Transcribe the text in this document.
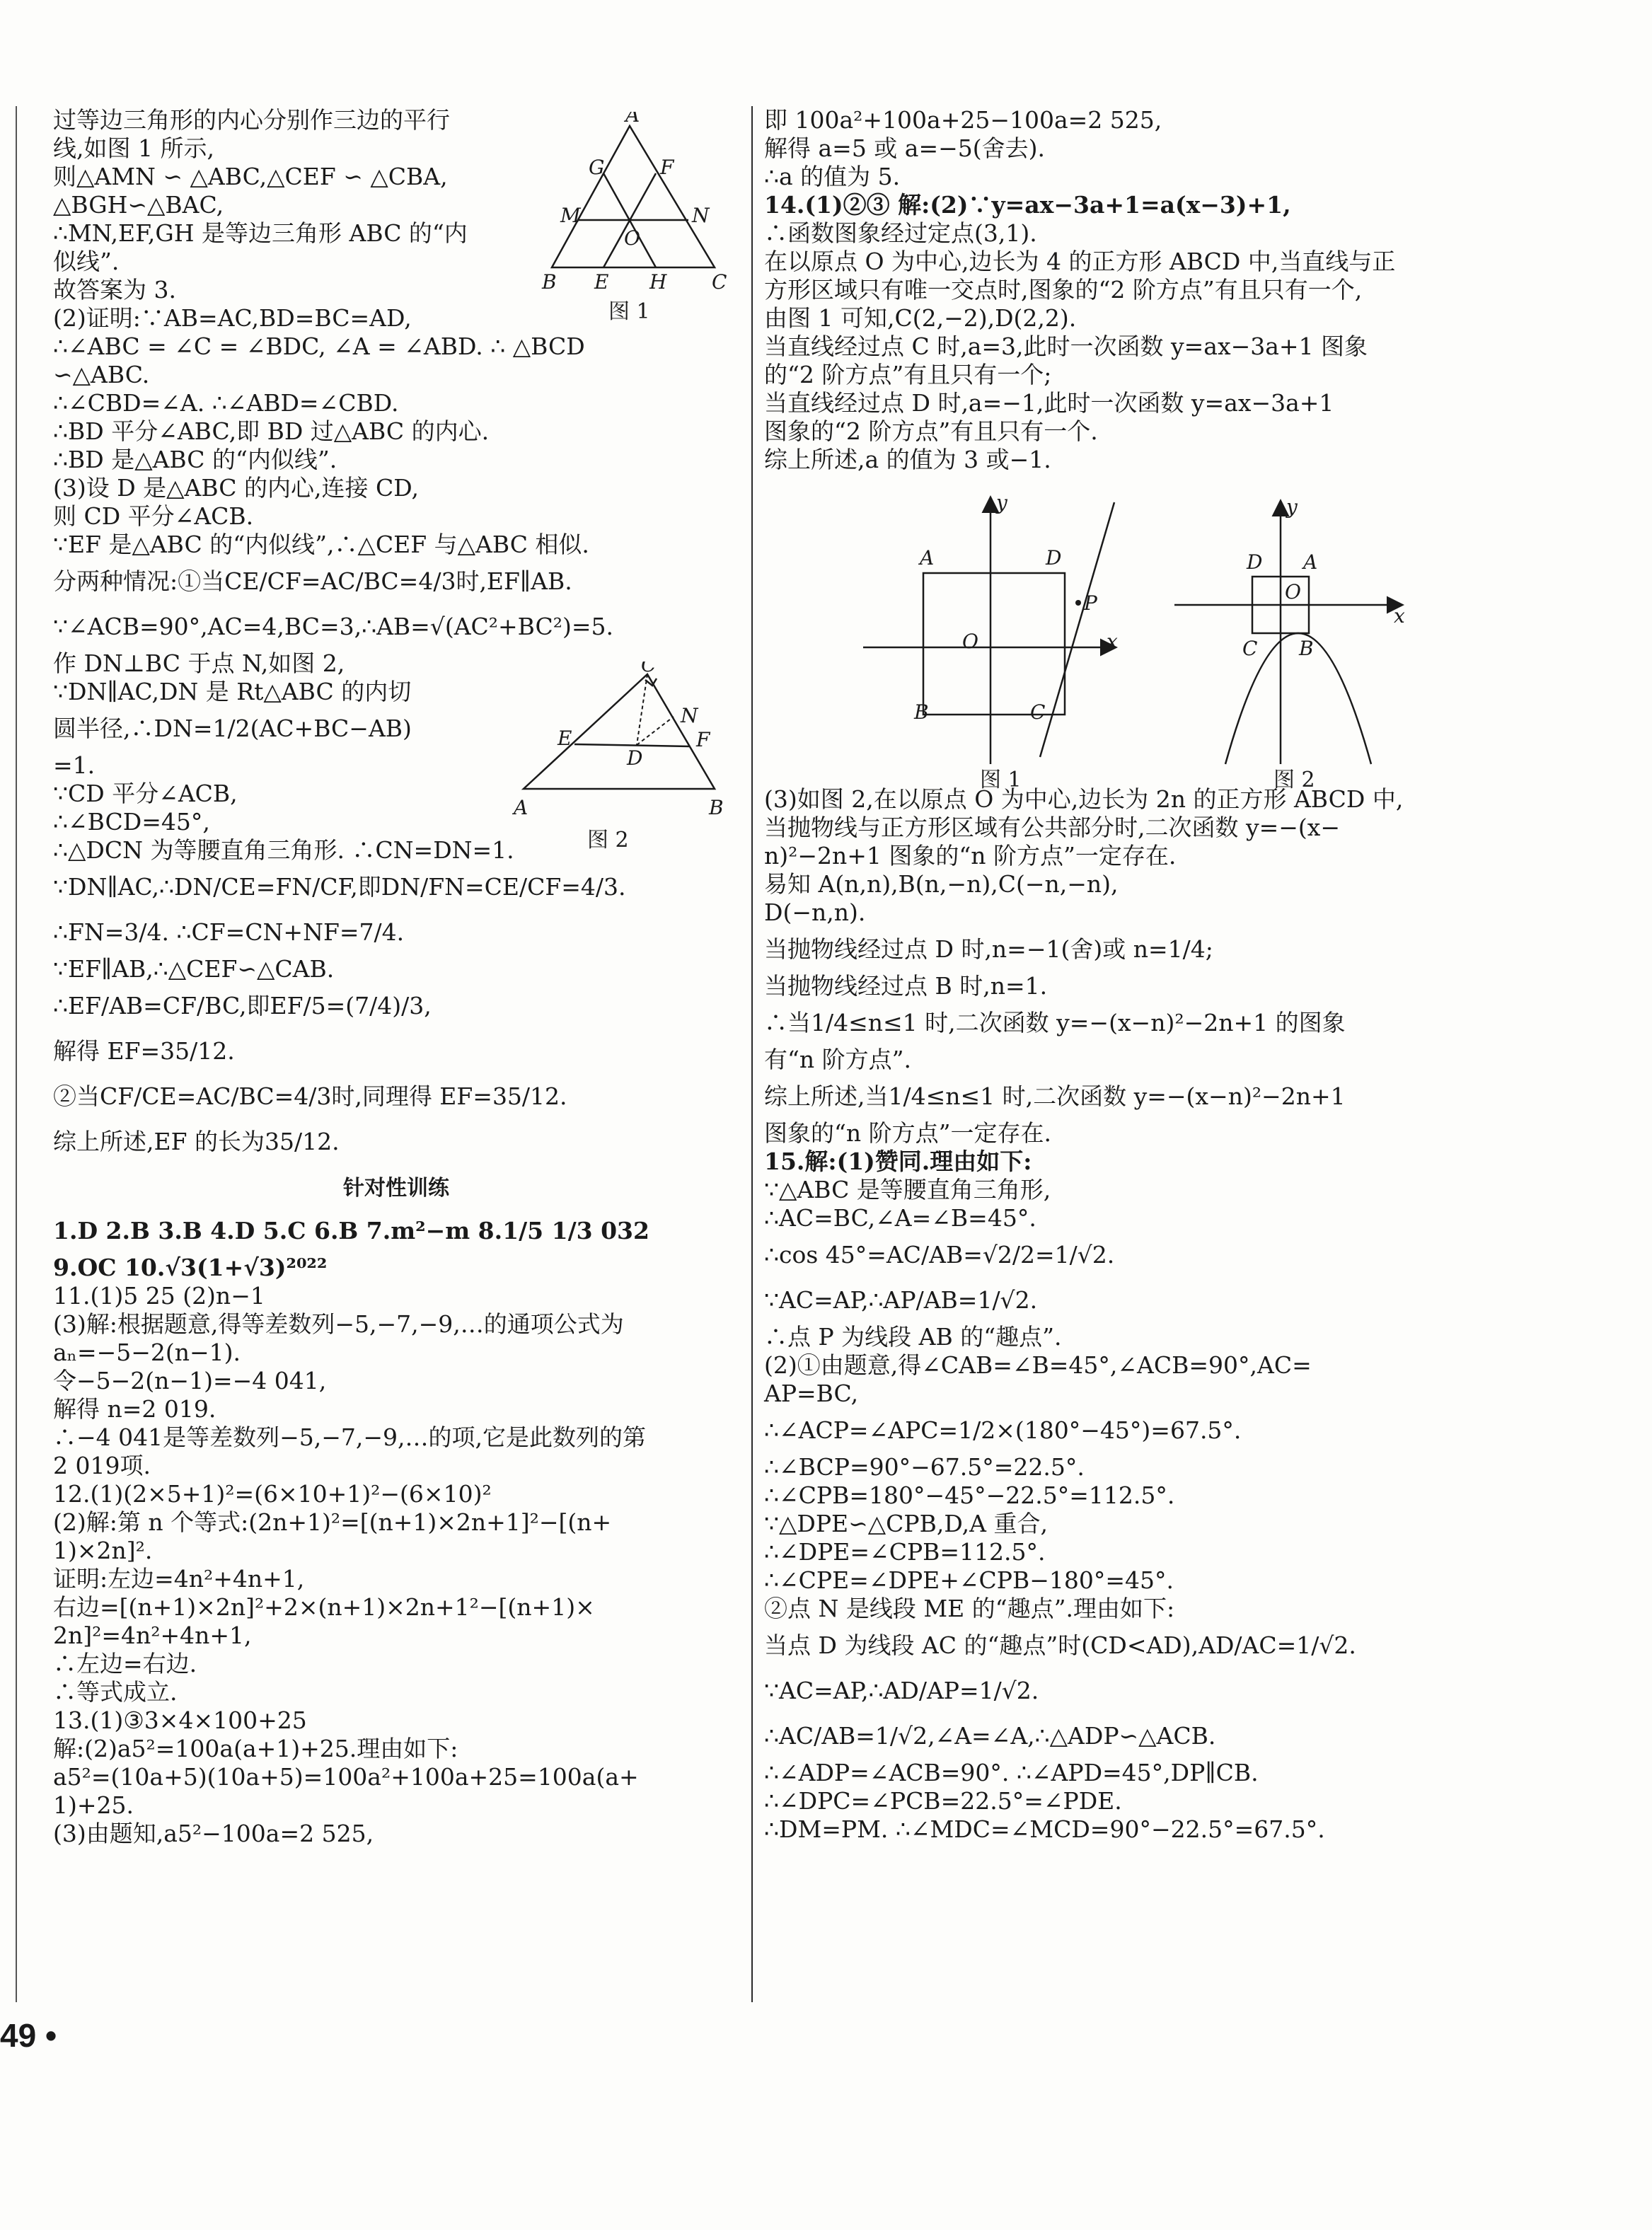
过等边三角形的内心分别作三边的平行
线,如图 1 所示,
则△AMN ∽ △ABC,△CEF ∽ △CBA,
△BGH∽△BAC,
∴MN,EF,GH 是等边三角形 ABC 的“内
似线”.
故答案为 3.
(2)证明:∵AB=AC,BD=BC=AD,
∴∠ABC = ∠C = ∠BDC, ∠A = ∠ABD. ∴ △BCD
∽△ABC.
∴∠CBD=∠A. ∴∠ABD=∠CBD.
∴BD 平分∠ABC,即 BD 过△ABC 的内心.
∴BD 是△ABC 的“内似线”.
(3)设 D 是△ABC 的内心,连接 CD,
则 CD 平分∠ACB.
∵EF 是△ABC 的“内似线”,∴△CEF 与△ABC 相似.
分两种情况:①当CE/CF=AC/BC=4/3时,EF∥AB.
∵∠ACB=90°,AC=4,BC=3,∴AB=√(AC²+BC²)=5.
作 DN⊥BC 于点 N,如图 2,
∵DN∥AC,DN 是 Rt△ABC 的内切
圆半径,∴DN=1/2(AC+BC−AB)
=1.
∵CD 平分∠ACB,
∴∠BCD=45°,
∴△DCN 为等腰直角三角形. ∴CN=DN=1.
∵DN∥AC,∴DN/CE=FN/CF,即DN/FN=CE/CF=4/3.
∴FN=3/4. ∴CF=CN+NF=7/4.
∵EF∥AB,∴△CEF∽△CAB.
∴EF/AB=CF/BC,即EF/5=(7/4)/3,
解得 EF=35/12.
②当CF/CE=AC/BC=4/3时,同理得 EF=35/12.
综上所述,EF 的长为35/12.
针对性训练
1.D 2.B 3.B 4.D 5.C 6.B 7.m²−m 8.1/5 1/3 032
9.OC 10.√3(1+√3)²⁰²²
11.(1)5 25 (2)n−1
(3)解:根据题意,得等差数列−5,−7,−9,…的通项公式为
aₙ=−5−2(n−1).
令−5−2(n−1)=−4 041,
解得 n=2 019.
∴−4 041是等差数列−5,−7,−9,…的项,它是此数列的第
2 019项.
12.(1)(2×5+1)²=(6×10+1)²−(6×10)²
(2)解:第 n 个等式:(2n+1)²=[(n+1)×2n+1]²−[(n+
1)×2n]².
证明:左边=4n²+4n+1,
右边=[(n+1)×2n]²+2×(n+1)×2n+1²−[(n+1)×
2n]²=4n²+4n+1,
∴左边=右边.
∴等式成立.
13.(1)③3×4×100+25
解:(2)a5²=100a(a+1)+25.理由如下:
a5²=(10a+5)(10a+5)=100a²+100a+25=100a(a+
1)+25.
(3)由题知,a5²−100a=2 525,
A
G	F
M	N
O
B E H C
图 1
C
E
N
F
D
A	B
图 2
即 100a²+100a+25−100a=2 525,
解得 a=5 或 a=−5(舍去).
∴a 的值为 5.
14.(1)②③ 解:(2)∵y=ax−3a+1=a(x−3)+1,
∴函数图象经过定点(3,1).
在以原点 O 为中心,边长为 4 的正方形 ABCD 中,当直线与正
方形区域只有唯一交点时,图象的“2 阶方点”有且只有一个,
由图 1 可知,C(2,−2),D(2,2).
当直线经过点 C 时,a=3,此时一次函数 y=ax−3a+1 图象
的“2 阶方点”有且只有一个;
当直线经过点 D 时,a=−1,此时一次函数 y=ax−3a+1
图象的“2 阶方点”有且只有一个.
综上所述,a 的值为 3 或−1.
(3)如图 2,在以原点 O 为中心,边长为 2n 的正方形 ABCD 中,
当抛物线与正方形区域有公共部分时,二次函数 y=−(x−
n)²−2n+1 图象的“n 阶方点”一定存在.
易知 A(n,n),B(n,−n),C(−n,−n),
D(−n,n).
当抛物线经过点 D 时,n=−1(舍)或 n=1/4;
当抛物线经过点 B 时,n=1.
∴当1/4≤n≤1 时,二次函数 y=−(x−n)²−2n+1 的图象
有“n 阶方点”.
综上所述,当1/4≤n≤1 时,二次函数 y=−(x−n)²−2n+1
图象的“n 阶方点”一定存在.
15.解:(1)赞同.理由如下:
∵△ABC 是等腰直角三角形,
∴AC=BC,∠A=∠B=45°.
∴cos 45°=AC/AB=√2/2=1/√2.
∵AC=AP,∴AP/AB=1/√2.
∴点 P 为线段 AB 的“趣点”.
(2)①由题意,得∠CAB=∠B=45°,∠ACB=90°,AC=
AP=BC,
∴∠ACP=∠APC=1/2×(180°−45°)=67.5°.
∴∠BCP=90°−67.5°=22.5°.
∴∠CPB=180°−45°−22.5°=112.5°.
∵△DPE∽△CPB,D,A 重合,
∴∠DPE=∠CPB=112.5°.
∴∠CPE=∠DPE+∠CPB−180°=45°.
②点 N 是线段 ME 的“趣点”.理由如下:
当点 D 为线段 AC 的“趣点”时(CD<AD),AD/AC=1/√2.
∵AC=AP,∴AD/AP=1/√2.
∴AC/AB=1/√2,∠A=∠A,∴△ADP∽△ACB.
∴∠ADP=∠ACB=90°. ∴∠APD=45°,DP∥CB.
∴∠DPC=∠PCB=22.5°=∠PDE.
∴DM=PM. ∴∠MDC=∠MCD=90°−22.5°=67.5°.
y
A	D
P
O	x
B	C
图 1
y
D A
O
x
C B
图 2
49 •
